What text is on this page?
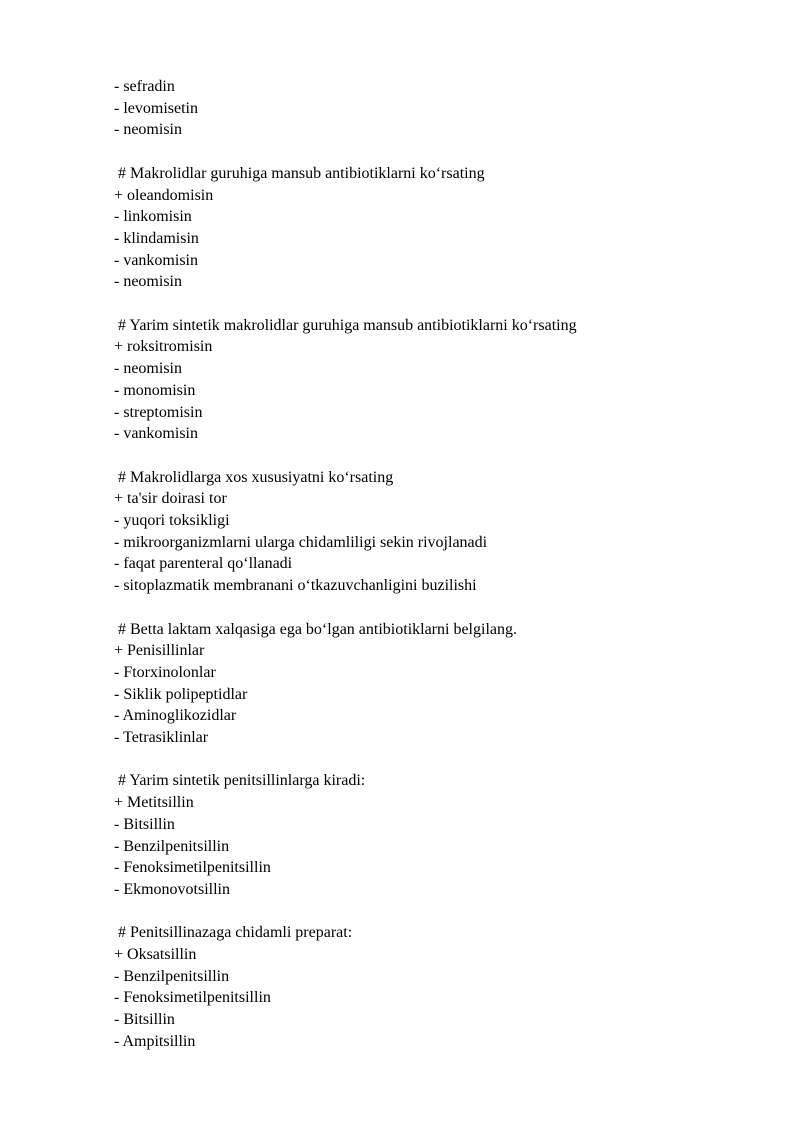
- sefradin
- levomisetin
- neomisin
# Makrolidlar guruhiga mansub antibiotiklarni ko‘rsating
+ oleandomisin
- linkomisin
- klindamisin
- vankomisin
- neomisin
# Yarim sintetik makrolidlar guruhiga mansub antibiotiklarni ko‘rsating
+ roksitromisin
- neomisin
- monomisin
- streptomisin
- vankomisin
# Makrolidlarga xos xususiyatni ko‘rsating
+ ta'sir doirasi tor
- yuqori toksikligi
- mikroorganizmlarni ularga chidamliligi sekin rivojlanadi
- faqat parenteral qo‘llanadi
- sitoplazmatik membranani o‘tkazuvchanligini buzilishi
# Betta laktam xalqasiga ega bo‘lgan antibiotiklarni belgilang.
+ Penisillinlar
- Ftorxinolonlar
- Siklik polipeptidlar
- Aminoglikozidlar
- Tetrasiklinlar
# Yarim sintetik penitsillinlarga kiradi:
+ Metitsillin
- Bitsillin
- Benzilpenitsillin
- Fenoksimetilpenitsillin
- Ekmonovotsillin
# Penitsillinazaga chidamli preparat:
+ Oksatsillin
- Benzilpenitsillin
- Fenoksimetilpenitsillin
- Bitsillin
- Ampitsillin
